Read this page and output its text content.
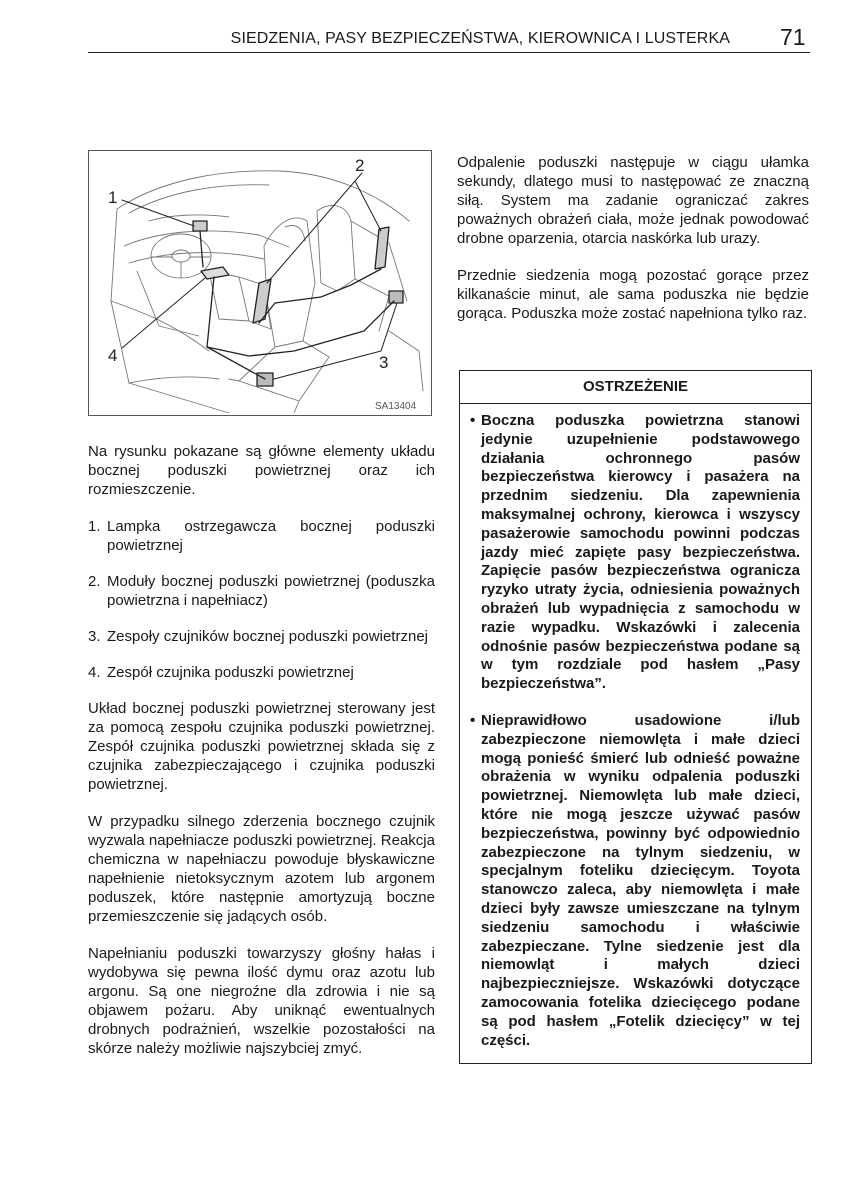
SIEDZENIA, PASY BEZPIECZEŃSTWA, KIEROWNICA I LUSTERKA 71
1
2
3
4
SA13404

Na rysunku pokazane są główne elementy układu bocznej poduszki powietrznej oraz ich rozmieszczenie.

1. Lampka ostrzegawcza bocznej poduszki powietrznej
2. Moduły bocznej poduszki powietrznej (poduszka powietrzna i napełniacz)
3. Zespoły czujników bocznej poduszki powietrznej
4. Zespół czujnika poduszki powietrznej

Układ bocznej poduszki powietrznej sterowany jest za pomocą zespołu czujnika poduszki powietrznej. Zespół czujnika poduszki powietrznej składa się z czujnika zabezpieczającego i czujnika poduszki powietrznej.

W przypadku silnego zderzenia bocznego czujnik wyzwala napełniacze poduszki powietrznej. Reakcja chemiczna w napełniaczu powoduje błyskawiczne napełnienie nietoksycznym azotem lub argonem poduszek, które następnie amortyzują boczne przemieszczenie się jadących osób.

Napełnianiu poduszki towarzyszy głośny hałas i wydobywa się pewna ilość dymu oraz azotu lub argonu. Są one niegroźne dla zdrowia i nie są objawem pożaru. Aby uniknąć ewentualnych drobnych podrażnień, wszelkie pozostałości na skórze należy możliwie najszybciej zmyć.

Odpalenie poduszki następuje w ciągu ułamka sekundy, dlatego musi to następować ze znaczną siłą. System ma zadanie ograniczać zakres poważnych obrażeń ciała, może jednak powodować drobne oparzenia, otarcia naskórka lub urazy.

Przednie siedzenia mogą pozostać gorące przez kilkanaście minut, ale sama poduszka nie będzie gorąca. Poduszka może zostać napełniona tylko raz.

OSTRZEŻENIE
• Boczna poduszka powietrzna stanowi jedynie uzupełnienie podstawowego działania ochronnego pasów bezpieczeństwa kierowcy i pasażera na przednim siedzeniu. Dla zapewnienia maksymalnej ochrony, kierowca i wszyscy pasażerowie samochodu powinni podczas jazdy mieć zapięte pasy bezpieczeństwa. Zapięcie pasów bezpieczeństwa ogranicza ryzyko utraty życia, odniesienia poważnych obrażeń lub wypadnięcia z samochodu w razie wypadku. Wskazówki i zalecenia odnośnie pasów bezpieczeństwa podane są w tym rozdziale pod hasłem „Pasy bezpieczeństwa”.
• Nieprawidłowo usadowione i/lub zabezpieczone niemowlęta i małe dzieci mogą ponieść śmierć lub odnieść poważne obrażenia w wyniku odpalenia poduszki powietrznej. Niemowlęta lub małe dzieci, które nie mogą jeszcze używać pasów bezpieczeństwa, powinny być odpowiednio zabezpieczone na tylnym siedzeniu, w specjalnym foteliku dziecięcym. Toyota stanowczo zaleca, aby niemowlęta i małe dzieci były zawsze umieszczane na tylnym siedzeniu samochodu i właściwie zabezpieczane. Tylne siedzenie jest dla niemowląt i małych dzieci najbezpieczniejsze. Wskazówki dotyczące zamocowania fotelika dziecięcego podane są pod hasłem „Fotelik dziecięcy” w tej części.
